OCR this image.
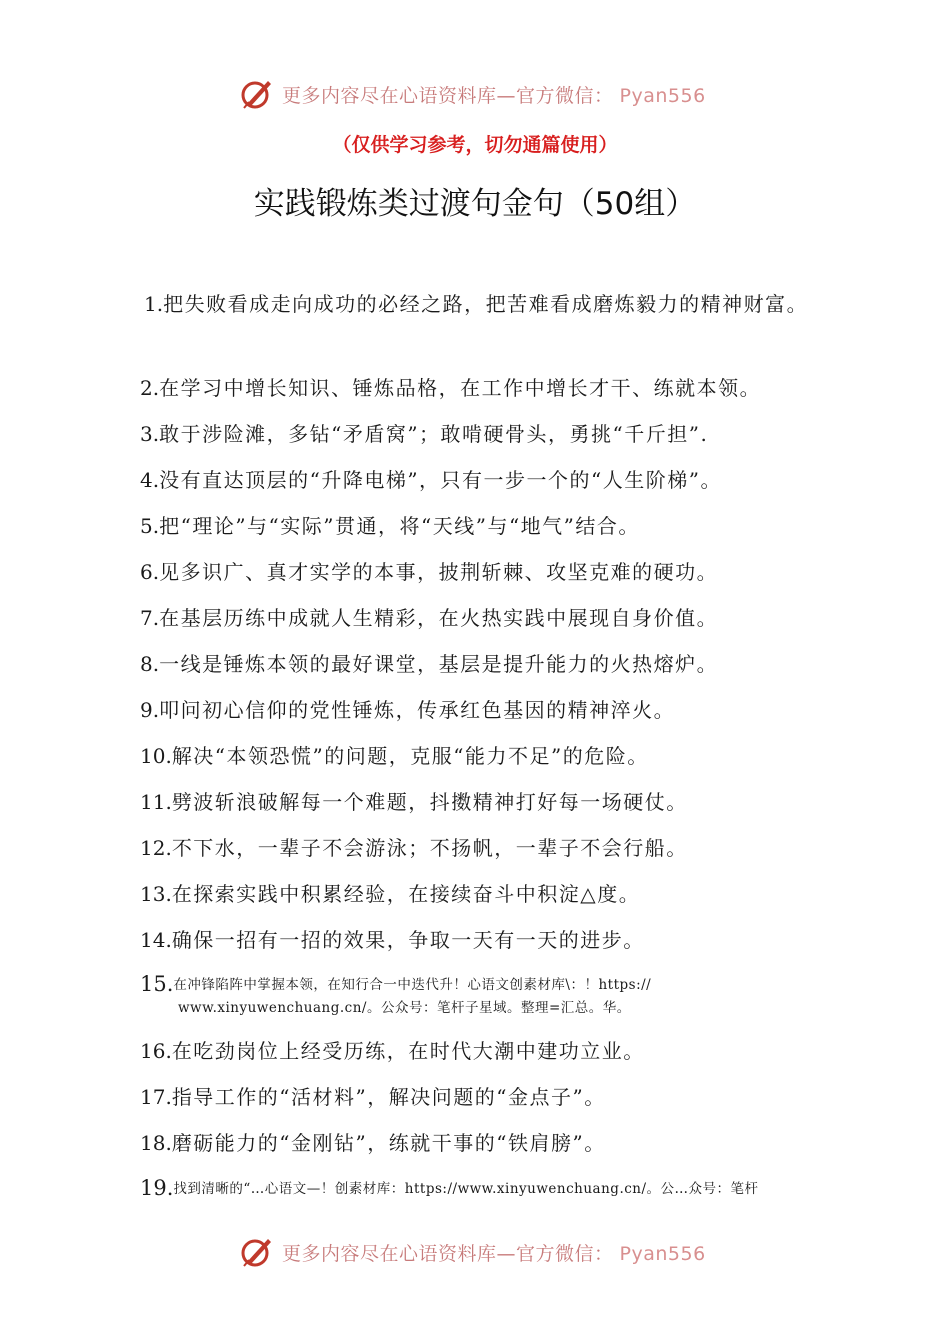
更多内容尽在心语资料库—官方微信： Pyan556
（仅供学习参考，切勿通篇使用）
实践锻炼类过渡句金句（50组）
1.把失败看成走向成功的必经之路，把苦难看成磨炼毅力的精神财富。
2.在学习中增长知识、锤炼品格，在工作中增长才干、练就本领。
3.敢于涉险滩，多钻“矛盾窝”；敢啃硬骨头，勇挑“千斤担”.
4.没有直达顶层的“升降电梯”，只有一步一个的“人生阶梯”。
5.把“理论”与“实际”贯通，将“天线”与“地气”结合。
6.见多识广、真才实学的本事，披荆斩棘、攻坚克难的硬功。
7.在基层历练中成就人生精彩，在火热实践中展现自身价值。
8.一线是锤炼本领的最好课堂，基层是提升能力的火热熔炉。
9.叩问初心信仰的党性锤炼，传承红色基因的精神淬火。
10.解决“本领恐慌”的问题，克服“能力不足”的危险。
11.劈波斩浪破解每一个难题，抖擞精神打好每一场硬仗。
12.不下水，一辈子不会游泳；不扬帆，一辈子不会行船。
13.在探索实践中积累经验，在接续奋斗中积淀△度。
14.确保一招有一招的效果，争取一天有一天的进步。
15.在冲锋陷阵中掌握本领，在知行合一中迭代升！心语文创素材库\：！https://
www.xinyuwenchuang.cn/。公众号：笔杆子星域。整理=汇总。华。
16.在吃劲岗位上经受历练，在时代大潮中建功立业。
17.指导工作的“活材料”，解决问题的“金点子”。
18.磨砺能力的“金刚钻”，练就干事的“铁肩膀”。
19.找到清晰的“…心语文—！创素材库：https://www.xinyuwenchuang.cn/。公…众号：笔杆
更多内容尽在心语资料库—官方微信： Pyan556
